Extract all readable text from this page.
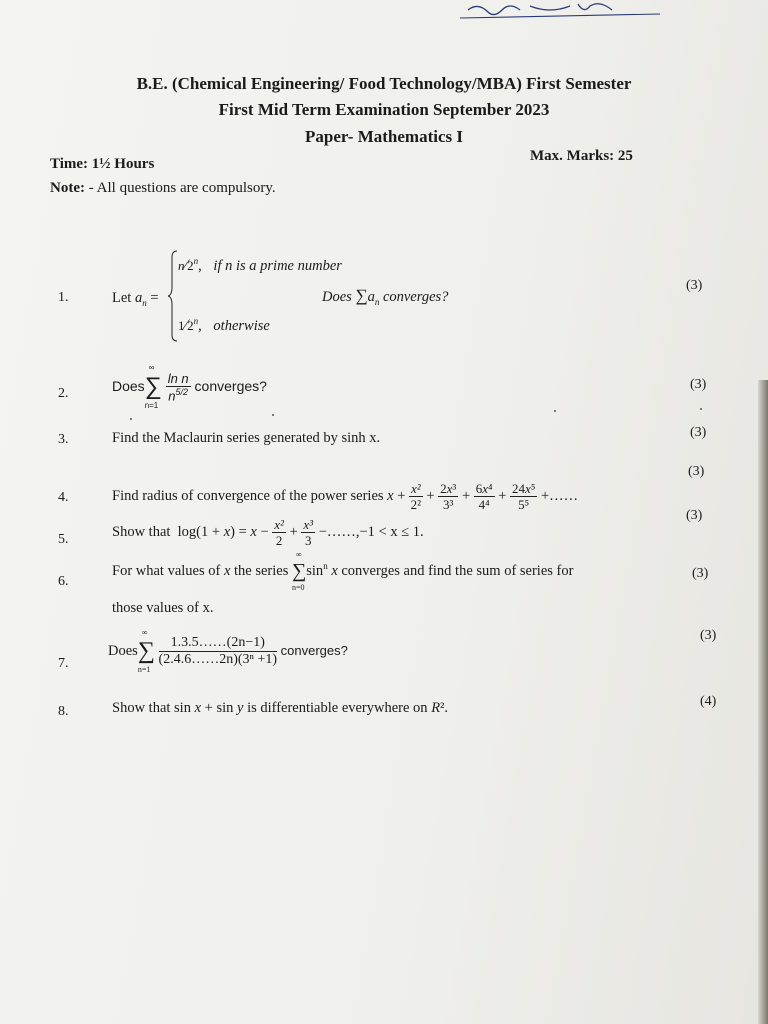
B.E. (Chemical Engineering/ Food Technology/MBA) First Semester
First Mid Term Examination September 2023
Paper- Mathematics I
Time: 1½ Hours	Max. Marks: 25
Note: - All questions are compulsory.
1.	Let $a_n$ =
$n⁄2^n$, if n is a prime number
1⁄2$^n$, otherwise
Does $\sum a_n$ converges?
(3)
2.	Does∑
∞
n=1

$\frac{\text{ln n}}{n^{5/2}}$ converges?	(3)
3.	Find the Maclaurin series generated by sinh x.	(3)
4.	Find radius of convergence of the power series $x + \frac{\text{x²}}{\text{2²}} + \frac{\text{2x³}}{\text{3³}} + \frac{\text{6x⁴}}{\text{4⁴}} + \frac{\text{24x⁵}}{\text{5⁵}}$ +……
(3)
5.	Show that  $\log(1 + x) = x - \frac{\text{x²}}{2} + \frac{\text{x³}}{3}$ −……,−1 < x ≤ 1.
(3)
6.
For what values of x the series ∑
∞
n=0
$\sin^n x$ converges and find the sum of series for
those values of x.
(3)
7.
Does∑
∞
n=1

$\frac{1.3.5\dots\dots(2n-1)}{\text{(2.4.6……2n)(3ⁿ +1)}}$ converges?
(3)
8.	Show that sin x + sin y is differentiable everywhere on R².	(4)
